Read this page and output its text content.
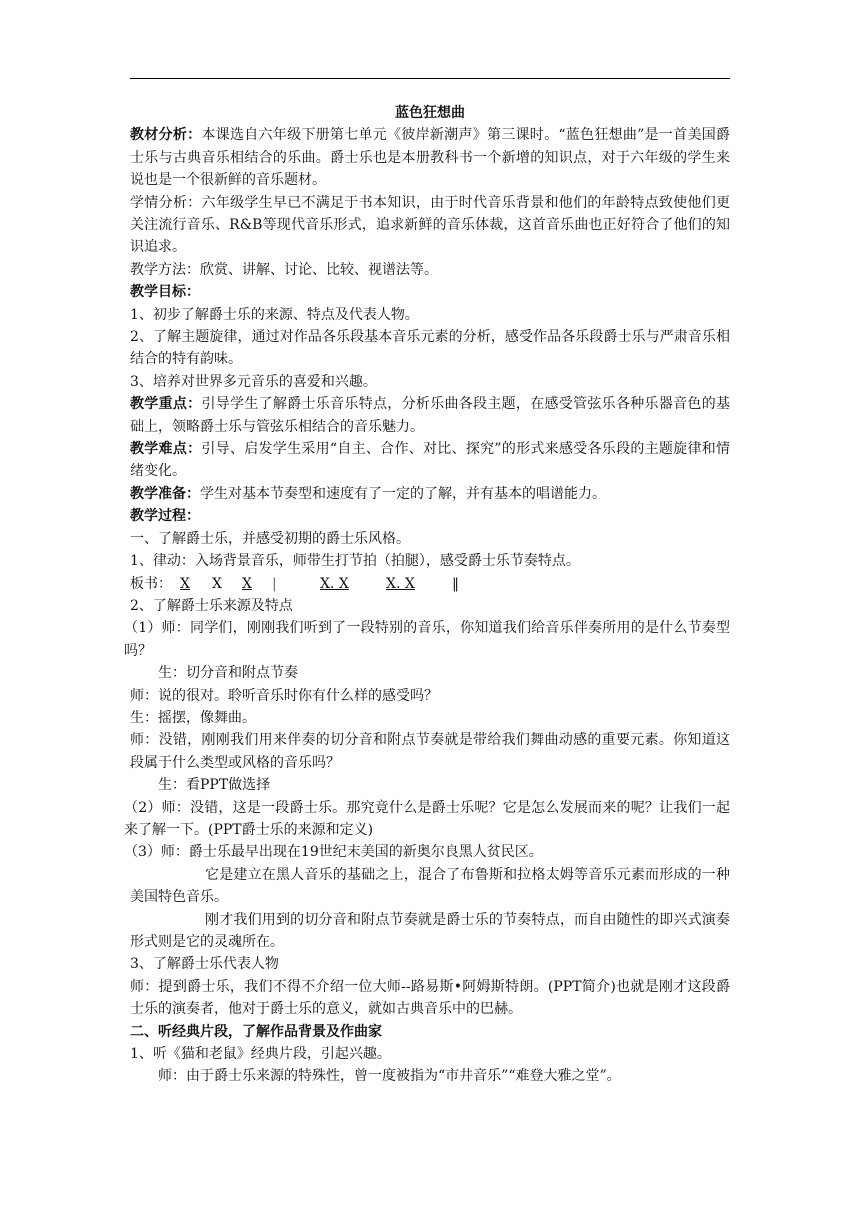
蓝色狂想曲

教材分析：本课选自六年级下册第七单元《彼岸新潮声》第三课时。“蓝色狂想曲”是一首美国爵士乐与古典音乐相结合的乐曲。爵士乐也是本册教科书一个新增的知识点，对于六年级的学生来说也是一个很新鲜的音乐题材。

学情分析：六年级学生早已不满足于书本知识，由于时代音乐背景和他们的年龄特点致使他们更关注流行音乐、R&B等现代音乐形式，追求新鲜的音乐体裁，这首音乐曲也正好符合了他们的知识追求。

教学方法：欣赏、讲解、讨论、比较、视谱法等。

教学目标：

1、初步了解爵士乐的来源、特点及代表人物。

2、了解主题旋律，通过对作品各乐段基本音乐元素的分析，感受作品各乐段爵士乐与严肃音乐相结合的特有韵味。

3、培养对世界多元音乐的喜爱和兴趣。

教学重点：引导学生了解爵士乐音乐特点，分析乐曲各段主题，在感受管弦乐各种乐器音色的基础上，领略爵士乐与管弦乐相结合的音乐魅力。

教学难点：引导、启发学生采用“自主、合作、对比、探究”的形式来感受各乐段的主题旋律和情绪变化。

教学准备：学生对基本节奏型和速度有了一定的了解，并有基本的唱谱能力。

教学过程：

一、了解爵士乐，并感受初期的爵士乐风格。

1、律动：入场背景音乐，师带生打节拍（拍腿），感受爵士乐节奏特点。

板书： X X X |	X. X	X. X	‖

2、了解爵士乐来源及特点

（1）师：同学们，刚刚我们听到了一段特别的音乐，你知道我们给音乐伴奏所用的是什么节奏型吗？

生：切分音和附点节奏

师：说的很对。聆听音乐时你有什么样的感受吗？

生：摇摆，像舞曲。

师：没错，刚刚我们用来伴奏的切分音和附点节奏就是带给我们舞曲动感的重要元素。你知道这段属于什么类型或风格的音乐吗？

生：看PPT做选择

（2）师：没错，这是一段爵士乐。那究竟什么是爵士乐呢？它是怎么发展而来的呢？让我们一起来了解一下。(PPT爵士乐的来源和定义)

（3）师：爵士乐最早出现在19世纪末美国的新奥尔良黑人贫民区。

它是建立在黑人音乐的基础之上，混合了布鲁斯和拉格太姆等音乐元素而形成的一种美国特色音乐。

刚才我们用到的切分音和附点节奏就是爵士乐的节奏特点，而自由随性的即兴式演奏形式则是它的灵魂所在。

3、了解爵士乐代表人物

师：提到爵士乐，我们不得不介绍一位大师--路易斯•阿姆斯特朗。(PPT简介)也就是刚才这段爵士乐的演奏者，他对于爵士乐的意义，就如古典音乐中的巴赫。

二、听经典片段，了解作品背景及作曲家

1、听《猫和老鼠》经典片段，引起兴趣。

师：由于爵士乐来源的特殊性，曾一度被指为“市井音乐”“难登大雅之堂”。
